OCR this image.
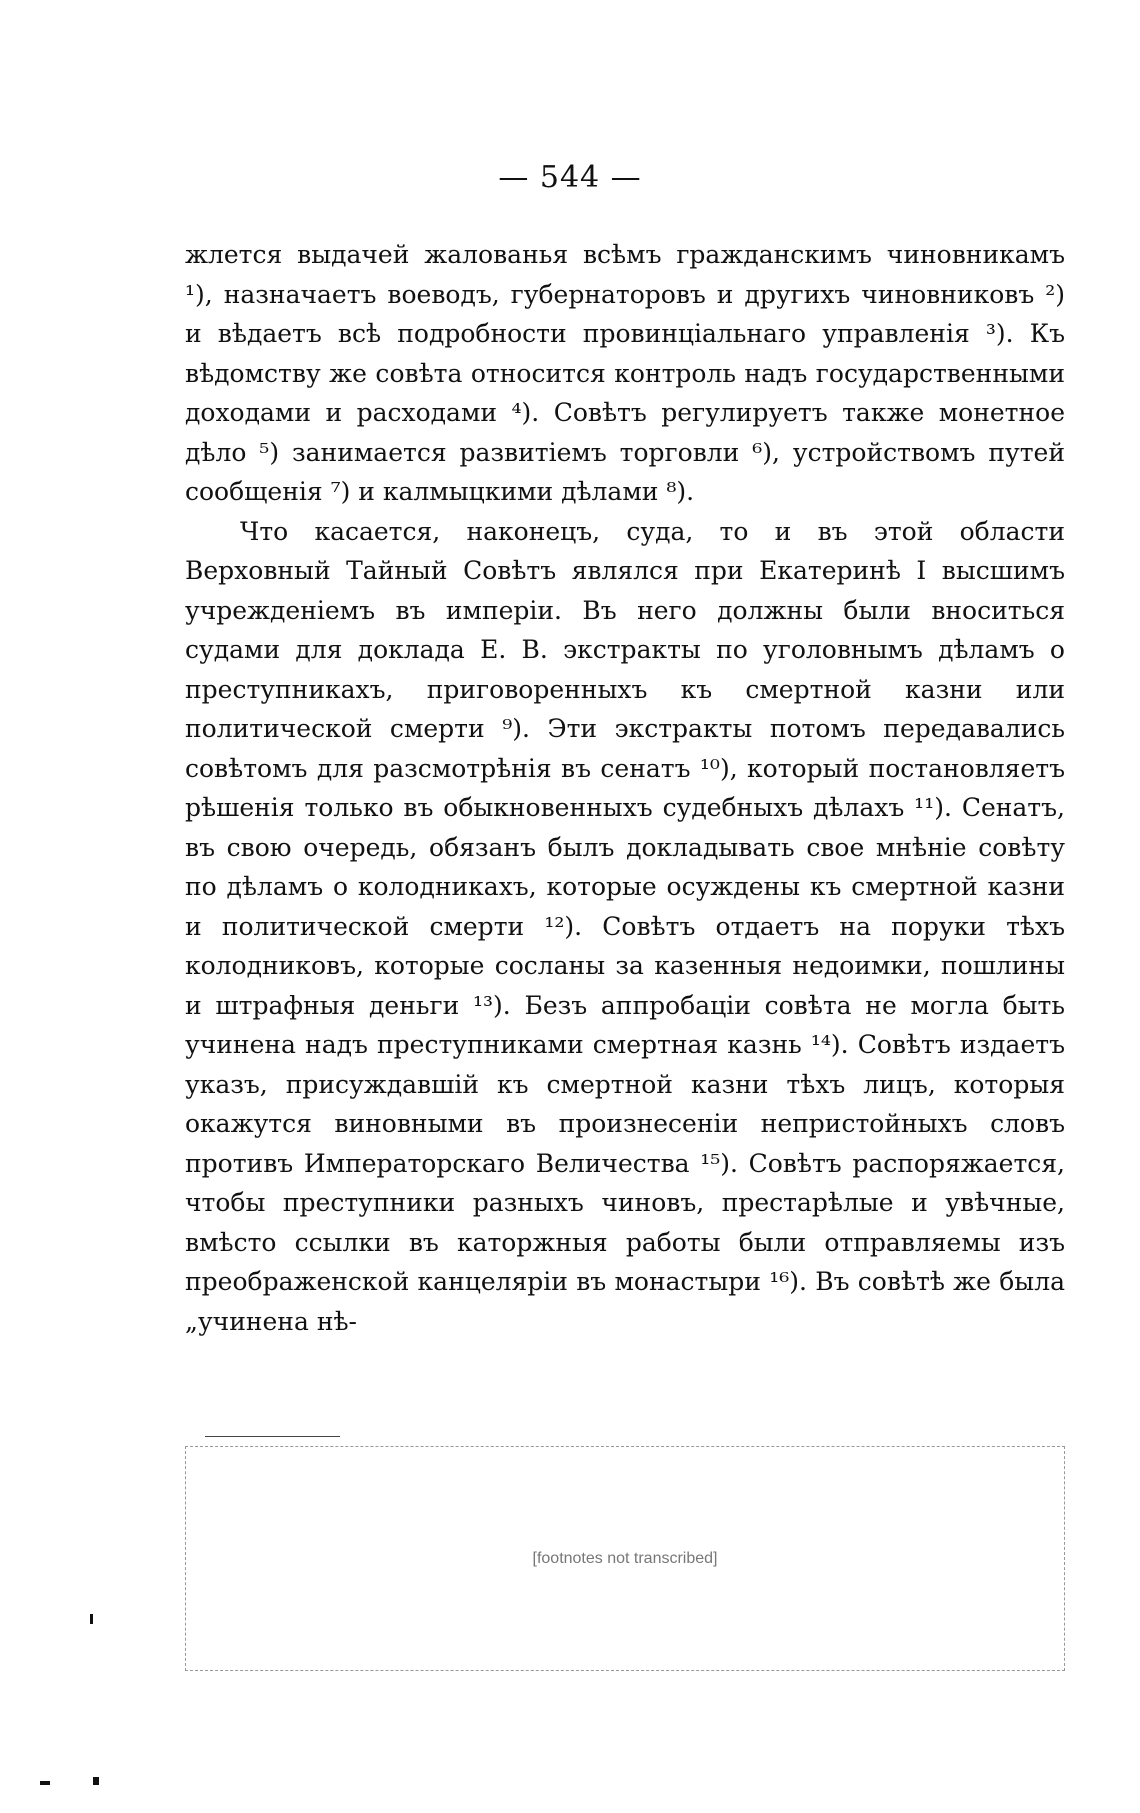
— 544 —

жлется выдачей жалованья всѣмъ гражданскимъ чиновникамъ ¹), назначаетъ воеводъ, губернаторовъ и другихъ чиновниковъ ²) и вѣдаетъ всѣ подробности провинціальнаго управленія ³). Къ вѣдомству же совѣта относится контроль надъ государственными доходами и расходами ⁴). Совѣтъ регулируетъ также монетное дѣло ⁵) занимается развитіемъ торговли ⁶), устройствомъ путей сообщенія ⁷) и калмыцкими дѣлами ⁸).

Что касается, наконецъ, суда, то и въ этой области Верховный Тайный Совѣтъ являлся при Екатеринѣ I высшимъ учрежденіемъ въ имперіи. Въ него должны были вноситься судами для доклада Е. В. экстракты по уголовнымъ дѣламъ о преступникахъ, приговоренныхъ къ смертной казни или политической смерти ⁹). Эти экстракты потомъ передавались совѣтомъ для разсмотрѣнія въ сенатъ ¹⁰), который постановляетъ рѣшенія только въ обыкновенныхъ судебныхъ дѣлахъ ¹¹). Сенатъ, въ свою очередь, обязанъ былъ докладывать свое мнѣніе совѣту по дѣламъ о колодникахъ, которые осуждены къ смертной казни и политической смерти ¹²). Совѣтъ отдаетъ на поруки тѣхъ колодниковъ, которые сосланы за казенныя недоимки, пошлины и штрафныя деньги ¹³). Безъ аппробаціи совѣта не могла быть учинена надъ преступниками смертная казнь ¹⁴). Совѣтъ издаетъ указъ, присуждавшій къ смертной казни тѣхъ лицъ, которыя окажутся виновными въ произнесеніи непристойныхъ словъ противъ Императорскаго Величества ¹⁵). Совѣтъ распоряжается, чтобы преступники разныхъ чиновъ, престарѣлые и увѣчные, вмѣсто ссылки въ каторжныя работы были отправляемы изъ преображенской канцеляріи въ монастыри ¹⁶). Въ совѣтѣ же была „учинена нѣ-

[footnotes not transcribed]
